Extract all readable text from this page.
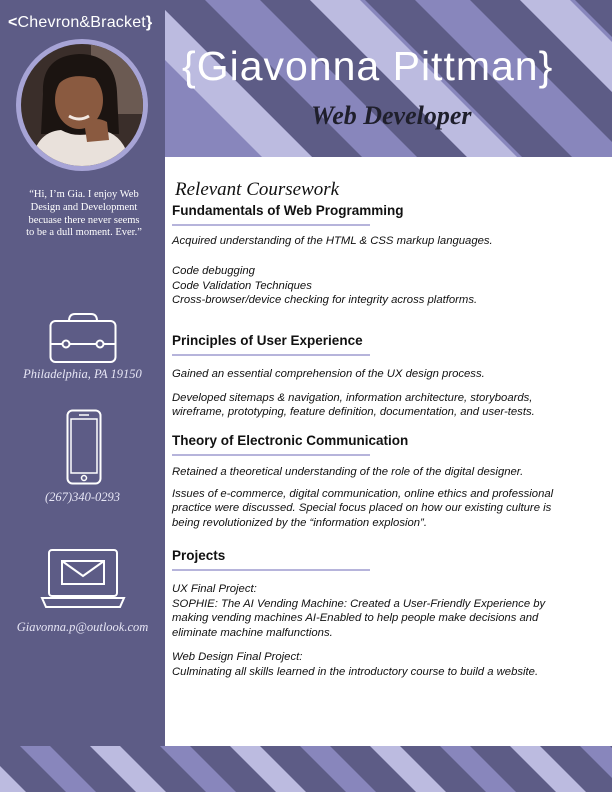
<Chevron&Bracket}
“Hi, I’m Gia. I enjoy Web
Design and Development
becuase there never seems
to be a dull moment. Ever.”
Philadelphia, PA 19150
(267)340-0293
Giavonna.p@outlook.com
{Giavonna Pittman}
Web Developer
Relevant Coursework
Fundamentals of Web Programming
Acquired understanding of the HTML & CSS markup languages.
Code debugging
Code Validation Techniques
Cross-browser/device checking for integrity across platforms.
Principles of User Experience
Gained an essential comprehension of the UX design process.
Developed sitemaps & navigation, information architecture, storyboards,
wireframe, prototyping, feature definition, documentation, and user-tests.
Theory of Electronic Communication
Retained a theoretical understanding of the role of the digital designer.
Issues of e-commerce, digital communication, online ethics and professional
practice were discussed. Special focus placed on how our existing culture is
being revolutionized by the “information explosion”.
Projects
UX Final Project:
SOPHIE: The AI Vending Machine: Created a User-Friendly Experience by
making vending machines AI-Enabled to help people make decisions and
eliminate machine malfunctions.
Web Design Final Project:
Culminating all skills learned in the introductory course to build a website.
